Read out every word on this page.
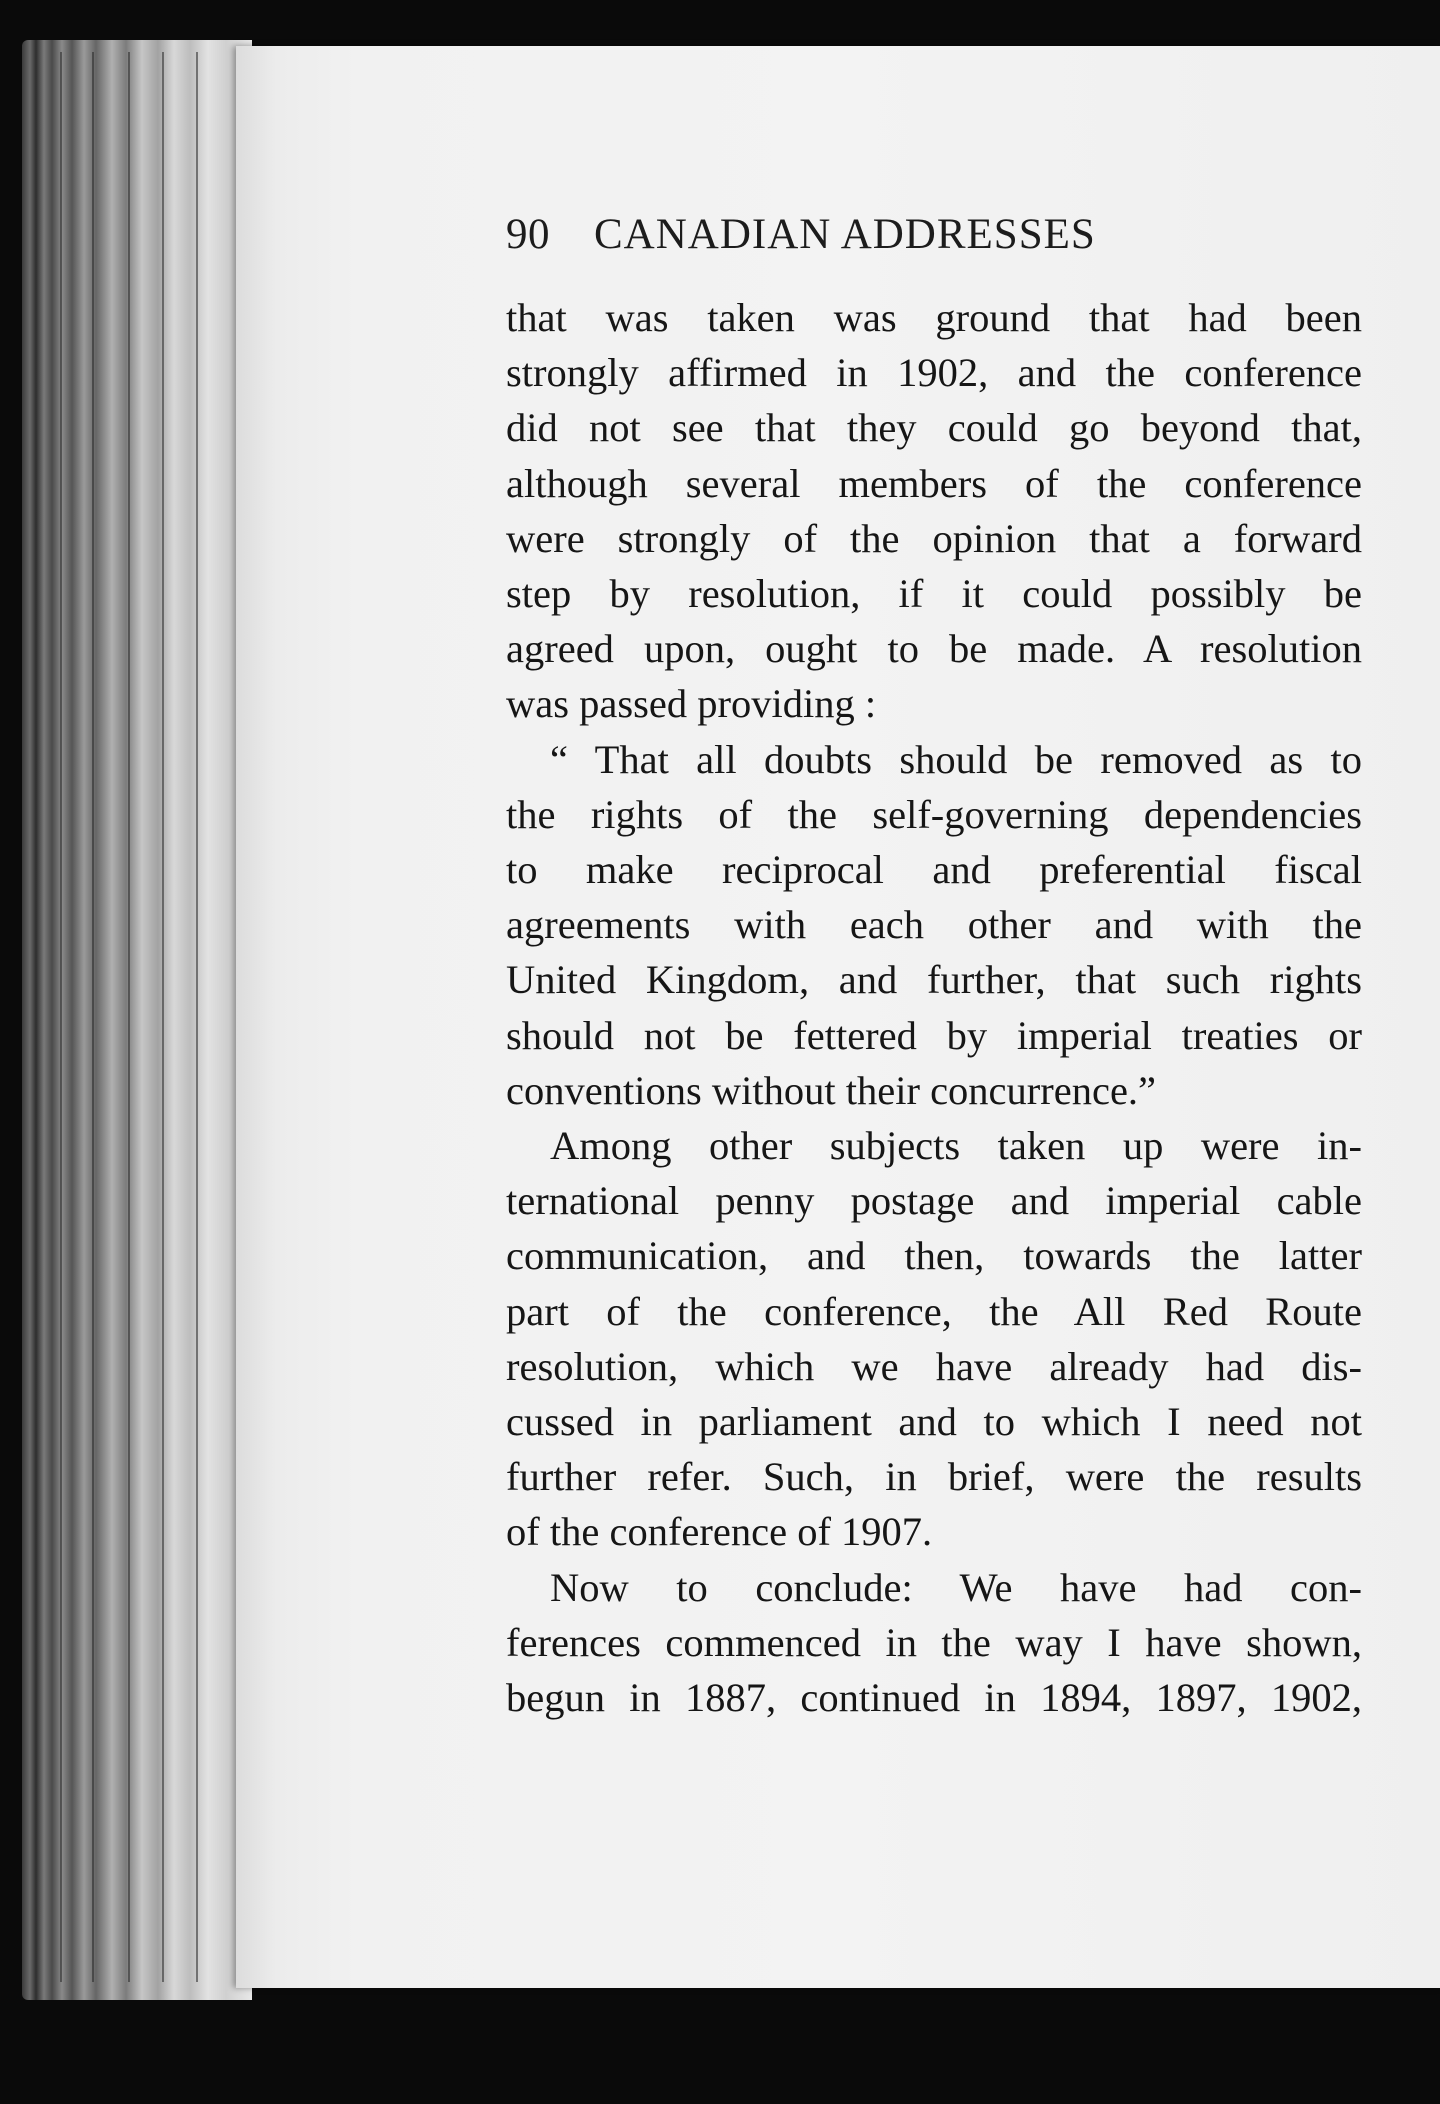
90 CANADIAN ADDRESSES
that was taken was ground that had been
strongly affirmed in 1902, and the conference
did not see that they could go beyond that,
although several members of the conference
were strongly of the opinion that a forward
step by resolution, if it could possibly be
agreed upon, ought to be made. A resolution
was passed providing :
“ That all doubts should be removed as to
the rights of the self-governing dependencies
to make reciprocal and preferential fiscal
agreements with each other and with the
United Kingdom, and further, that such rights
should not be fettered by imperial treaties or
conventions without their concurrence.”
Among other subjects taken up were in-
ternational penny postage and imperial cable
communication, and then, towards the latter
part of the conference, the All Red Route
resolution, which we have already had dis-
cussed in parliament and to which I need not
further refer. Such, in brief, were the results
of the conference of 1907.
Now to conclude: We have had con-
ferences commenced in the way I have shown,
begun in 1887, continued in 1894, 1897, 1902,
